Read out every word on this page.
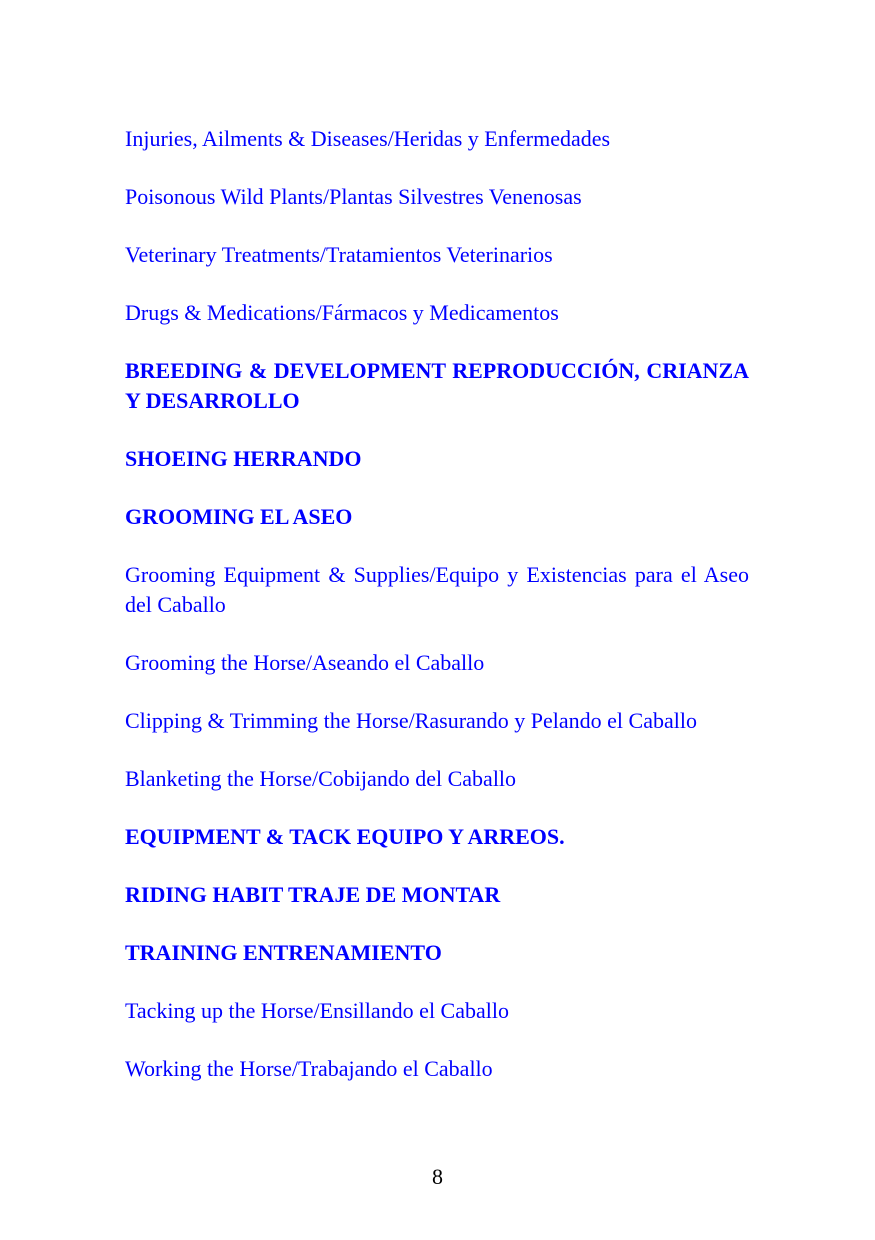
Injuries, Ailments & Diseases/Heridas y Enfermedades
Poisonous Wild Plants/Plantas Silvestres Venenosas
Veterinary Treatments/Tratamientos Veterinarios
Drugs & Medications/Fármacos y Medicamentos
BREEDING & DEVELOPMENT REPRODUCCIÓN, CRIANZA Y DESARROLLO
SHOEING HERRANDO
GROOMING EL ASEO
Grooming Equipment & Supplies/Equipo y Existencias para el Aseo del Caballo
Grooming the Horse/Aseando el Caballo
Clipping & Trimming the Horse/Rasurando y Pelando el Caballo
Blanketing the Horse/Cobijando del Caballo
EQUIPMENT & TACK EQUIPO Y ARREOS.
RIDING HABIT TRAJE DE MONTAR
TRAINING ENTRENAMIENTO
Tacking up the Horse/Ensillando el Caballo
Working the Horse/Trabajando el Caballo
8
